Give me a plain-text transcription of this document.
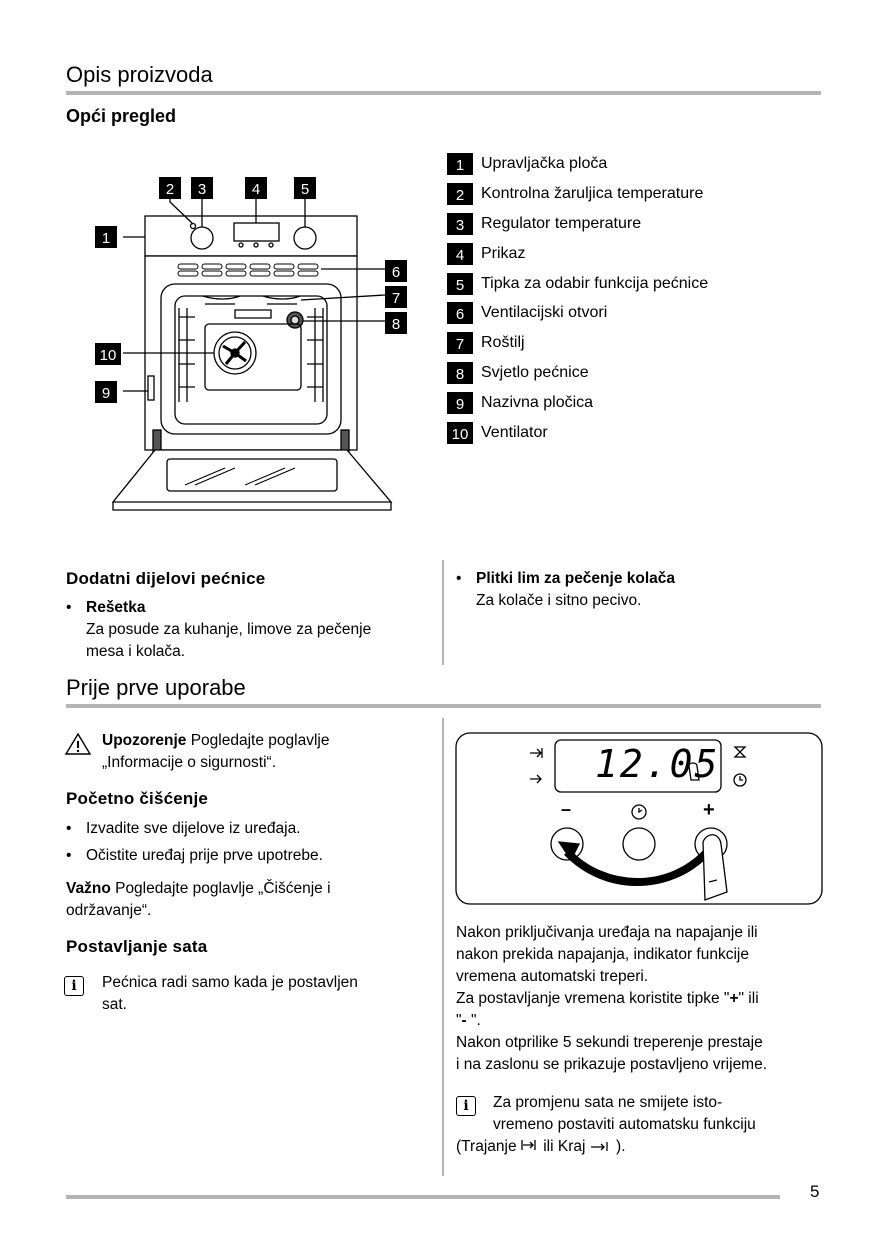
Opis proizvoda
Opći pregled
1
2	3	4	5
6
7
8
10
9
1	Upravljačka ploča
2	Kontrolna žaruljica temperature
3	Regulator temperature
4	Prikaz
5	Tipka za odabir funkcija pećnice
6	Ventilacijski otvori
7	Roštilj
8	Svjetlo pećnice
9	Nazivna pločica
10 Ventilator
Dodatni dijelovi pećnice
• Rešetka
Za posude za kuhanje, limove za pečenje
mesa i kolača.
• Plitki lim za pečenje kolača
Za kolače i sitno pecivo.
Prije prve uporabe
Upozorenje Pogledajte poglavlje
„Informacije o sigurnosti“.
Početno čišćenje
• Izvadite sve dijelove iz uređaja.
• Očistite uređaj prije prve upotrebe.
Važno Pogledajte poglavlje „Čišćenje i
održavanje“.
Postavljanje sata
i	Pećnica radi samo kada je postavljen
sat.
12.05
–	+
Nakon priključivanja uređaja na napajanje ili
nakon prekida napajanja, indikator funkcije
vremena automatski treperi.
Za postavljanje vremena koristite tipke "+" ili
"- ".
Nakon otprilike 5 sekundi treperenje prestaje
i na zaslonu se prikazuje postavljeno vrijeme.
i	Za promjenu sata ne smijete isto-
vremeno postaviti automatsku funkciju
(Trajanje  ili Kraj  ).
5
